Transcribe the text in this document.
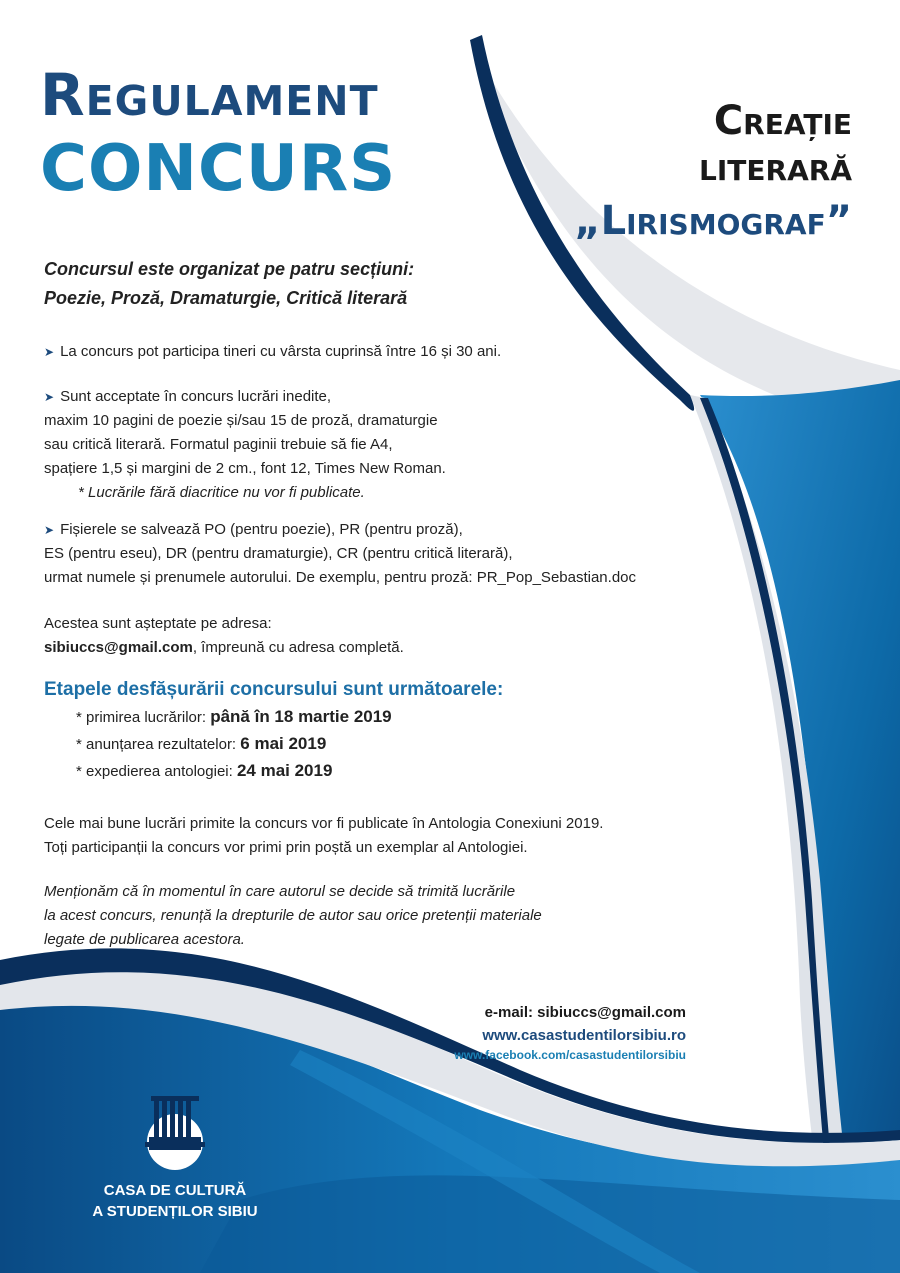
Regulament
CONCURS
Creație
literară
„Lirismograf”
Concursul este organizat pe patru secțiuni:
Poezie, Proză, Dramaturgie, Critică literară
➤ La concurs pot participa tineri cu vârsta cuprinsă între 16 și 30 ani.
➤ Sunt acceptate în concurs lucrări inedite,
maxim 10 pagini de poezie și/sau 15 de proză, dramaturgie
sau critică literară. Formatul paginii trebuie să fie A4,
spațiere 1,5 și margini de 2 cm., font 12, Times New Roman.
* Lucrările fără diacritice nu vor fi publicate.
➤ Fișierele se salvează PO (pentru poezie), PR (pentru proză),
ES (pentru eseu), DR (pentru dramaturgie), CR (pentru critică literară),
urmat numele și prenumele autorului. De exemplu, pentru proză: PR_Pop_Sebastian.doc
Acestea sunt așteptate pe adresa:
sibiuccs@gmail.com, împreună cu adresa completă.
Etapele desfășurării concursului sunt următoarele:
* primirea lucrărilor: până în 18 martie 2019
* anunțarea rezultatelor: 6 mai 2019
* expedierea antologiei: 24 mai 2019
Cele mai bune lucrări primite la concurs vor fi publicate în Antologia Conexiuni 2019.
Toți participanții la concurs vor primi prin poștă un exemplar al Antologiei.
Menționăm că în momentul în care autorul se decide să trimită lucrările
la acest concurs, renunță la drepturile de autor sau orice pretenții materiale
legate de publicarea acestora.
e-mail: sibiuccs@gmail.com
www.casastudentilorsibiu.ro
www.facebook.com/casastudentilorsibiu
CASA DE CULTURĂ
A STUDENȚILOR SIBIU
